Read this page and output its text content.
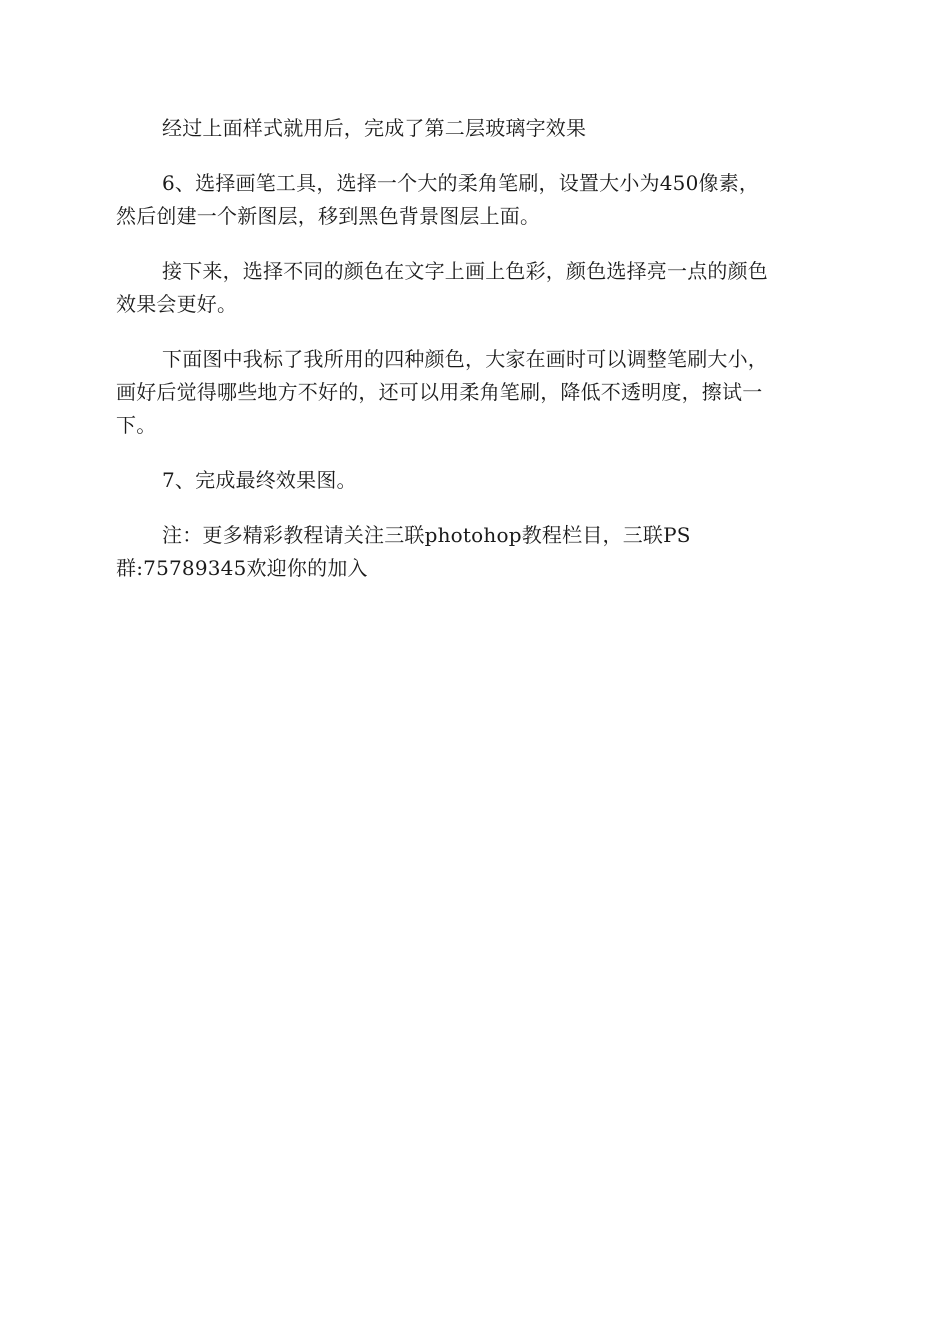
经过上面样式就用后，完成了第二层玻璃字效果

6、选择画笔工具，选择一个大的柔角笔刷，设置大小为450像素，
然后创建一个新图层，移到黑色背景图层上面。

接下来，选择不同的颜色在文字上画上色彩，颜色选择亮一点的颜色
效果会更好。

下面图中我标了我所用的四种颜色，大家在画时可以调整笔刷大小，
画好后觉得哪些地方不好的，还可以用柔角笔刷，降低不透明度，擦试一
下。

7、完成最终效果图。

注：更多精彩教程请关注三联photohop教程栏目，三联PS
群:75789345欢迎你的加入
